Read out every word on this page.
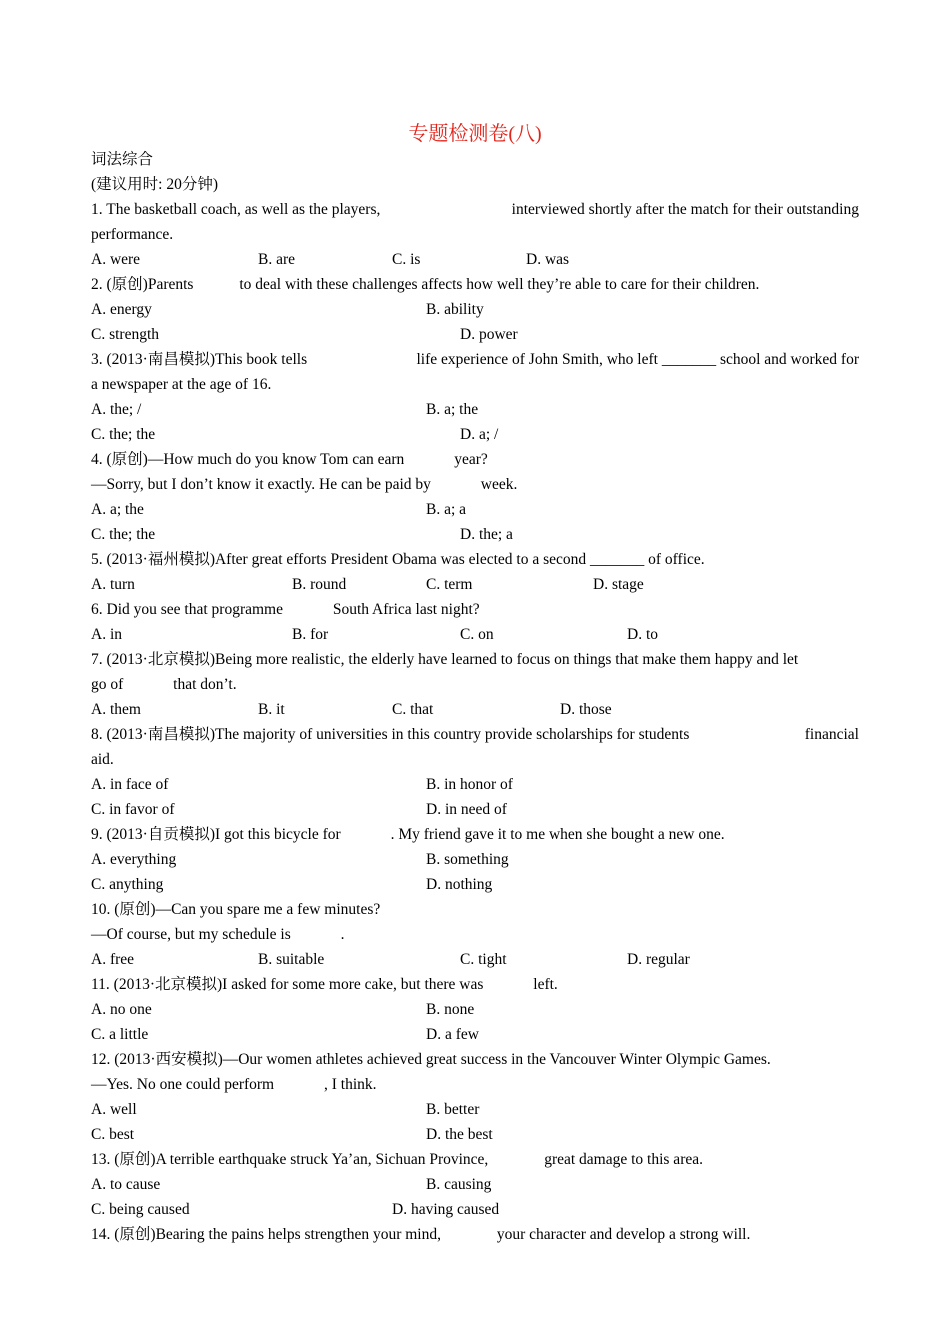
专题检测卷(八)
词法综合
(建议用时: 20分钟)
1. The basketball coach, as well as the players,	interviewed shortly after the match for their outstanding
performance.
A. were	B. are	C. is	D. was
2. (原创)Parents	to deal with these challenges affects how well they’re able to care for their children.
A. energy	B. ability
C. strength	D. power
3. (2013·南昌模拟)This book tells	life experience of John Smith, who left _______ school and worked for
a newspaper at the age of 16.
A. the; /	B. a; the
C. the; the	D. a; /
4. (原创)—How much do you know Tom can earn	year?
—Sorry, but I don’t know it exactly. He can be paid by	week.
A. a; the	B. a; a
C. the; the	D. the; a
5. (2013·福州模拟)After great efforts President Obama was elected to a second _______ of office.
A. turn	B. round	C. term	D. stage
6. Did you see that programme	South Africa last night?
A. in	B. for	C. on	D. to
7. (2013·北京模拟)Being more realistic, the elderly have learned to focus on things that make them happy and let
go of	that don’t.
A. them	B. it	C. that	D. those
8. (2013·南昌模拟)The majority of universities in this country provide scholarships for students	financial
aid.
A. in face of	B. in honor of
C. in favor of	D. in need of
9. (2013·自贡模拟)I got this bicycle for	. My friend gave it to me when she bought a new one.
A. everything	B. something
C. anything	D. nothing
10. (原创)—Can you spare me a few minutes?
—Of course, but my schedule is	.
A. free	B. suitable	C. tight	D. regular
11. (2013·北京模拟)I asked for some more cake, but there was	left.
A. no one	B. none
C. a little	D. a few
12. (2013·西安模拟)—Our women athletes achieved great success in the Vancouver Winter Olympic Games.
—Yes. No one could perform	, I think.
A. well	B. better
C. best	D. the best
13. (原创)A terrible earthquake struck Ya’an, Sichuan Province,	great damage to this area.
A. to cause	B. causing
C. being caused	D. having caused
14. (原创)Bearing the pains helps strengthen your mind,	your character and develop a strong will.
